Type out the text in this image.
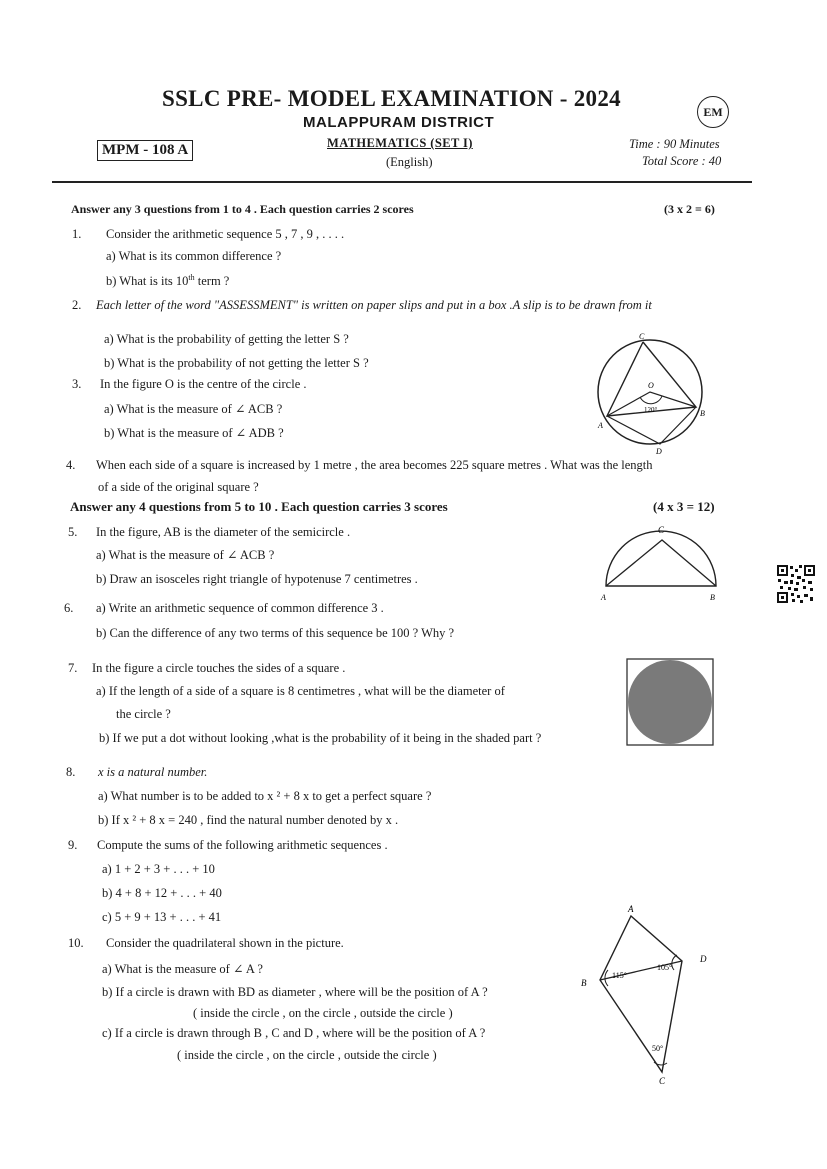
SSLC PRE- MODEL EXAMINATION - 2024
EM
MALAPPURAM DISTRICT
MPM - 108 A	MATHEMATICS (SET I)
(English)
Time : 90 Minutes
Total Score : 40
Answer any 3 questions from 1 to 4 . Each question carries 2 scores	(3 x 2 = 6)
1. Consider the arithmetic sequence 5 , 7 , 9 , . . . .
a) What is its common difference ?
b) What is its 10th term ?
2. Each letter of the word "ASSESSMENT" is written on paper slips and put in a box .A slip is to be drawn from it
a) What is the probability of getting the letter S ?
b) What is the probability of not getting the letter S ?
3. In the figure O is the centre of the circle .
a) What is the measure of ∠ ACB ?
b) What is the measure of ∠ ADB ?
C
O
120°	B
A
D
4. When each side of a square is increased by 1 metre , the area becomes 225 square metres . What was the length
of a side of the original square ?
Answer any 4 questions from 5 to 10 . Each question carries 3 scores	(4 x 3 = 12)
5. In the figure, AB is the diameter of the semicircle .
a) What is the measure of ∠ ACB ?
b) Draw an isosceles right triangle of hypotenuse 7 centimetres .
C
A	B
6. a) Write an arithmetic sequence of common difference 3 .
b) Can the difference of any two terms of this sequence be 100 ? Why ?
7. In the figure a circle touches the sides of a square .
a) If the length of a side of a square is 8 centimetres , what will be the diameter of
the circle ?
b) If we put a dot without looking ,what is the probability of it being in the shaded part ?
8. x is a natural number.
a) What number is to be added to x ² + 8 x to get a perfect square ?
b) If x ² + 8 x = 240 , find the natural number denoted by x .
9. Compute the sums of the following arithmetic sequences .
a) 1 + 2 + 3 + . . . + 10
b) 4 + 8 + 12 + . . . + 40
c) 5 + 9 + 13 + . . . + 41
10. Consider the quadrilateral shown in the picture.
a) What is the measure of ∠ A ?
b) If a circle is drawn with BD as diameter , where will be the position of A ?
( inside the circle , on the circle , outside the circle )
c) If a circle is drawn through B , C and D , where will be the position of A ?
( inside the circle , on the circle , outside the circle )
A
B
C
D
115°
105°
50°
